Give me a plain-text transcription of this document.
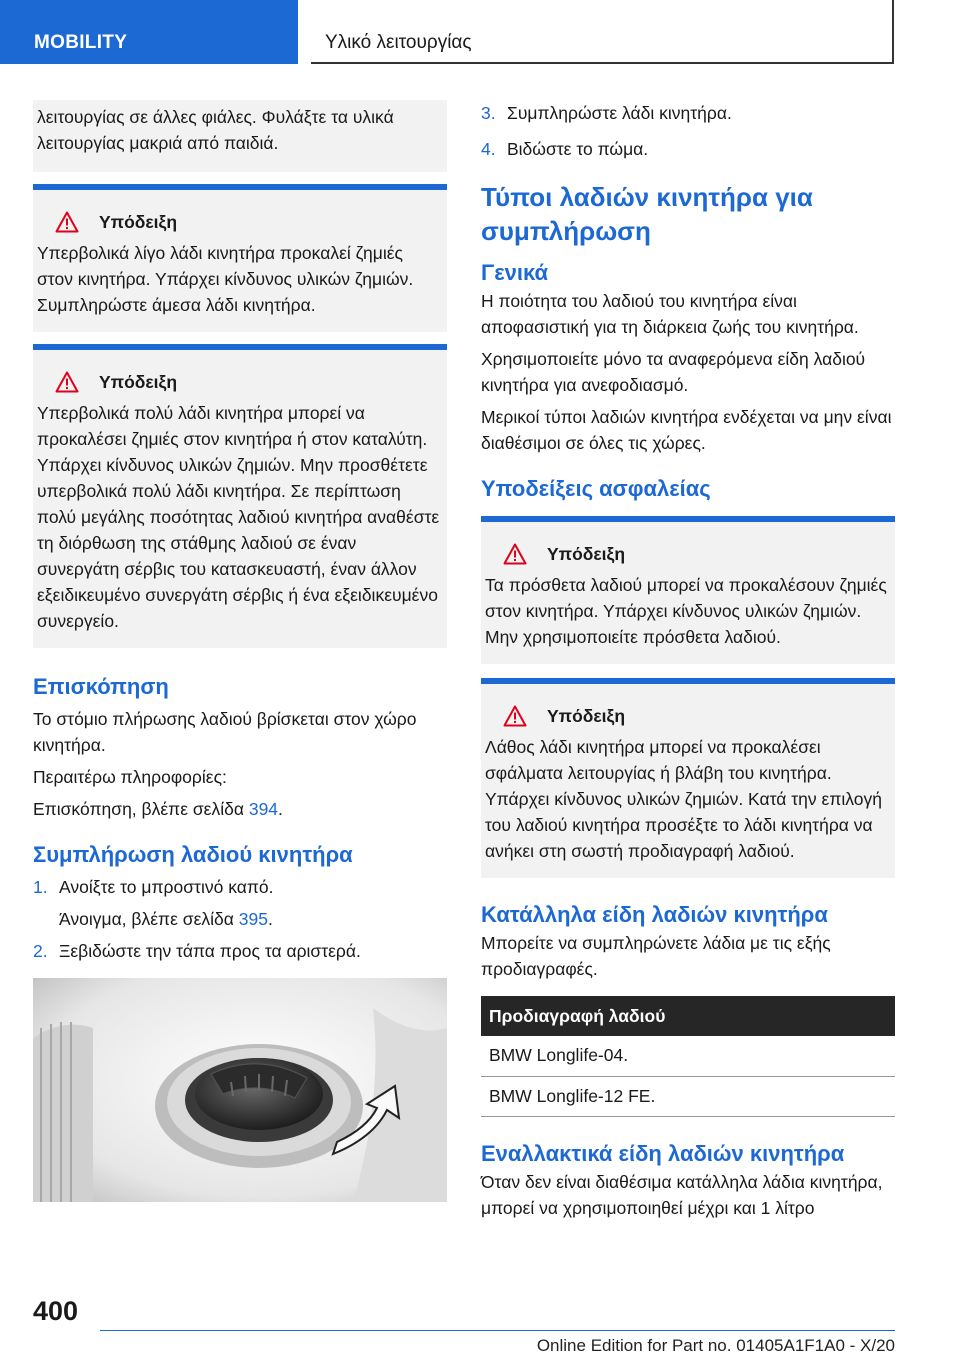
MOBILITY	Υλικό λειτουργίας

λειτουργίας σε άλλες φιάλες. Φυλάξτε τα υλικά λειτουργίας μακριά από παιδιά.

Υπόδειξη

Υπερβολικά λίγο λάδι κινητήρα προκαλεί ζημιές στον κινητήρα. Υπάρχει κίνδυνος υλικών ζημιών. Συμπληρώστε άμεσα λάδι κινητήρα.

Υπόδειξη

Υπερβολικά πολύ λάδι κινητήρα μπορεί να προκαλέσει ζημιές στον κινητήρα ή στον καταλύτη. Υπάρχει κίνδυνος υλικών ζημιών. Μην προσθέτετε υπερβολικά πολύ λάδι κινητήρα. Σε περίπτωση πολύ μεγάλης ποσότητας λαδιού κινητήρα αναθέστε τη διόρθωση της στάθμης λαδιού σε έναν συνεργάτη σέρβις του κατασκευαστή, έναν άλλον εξειδικευμένο συνεργάτη σέρβις ή ένα εξειδικευμένο συνεργείο.

Επισκόπηση

Το στόμιο πλήρωσης λαδιού βρίσκεται στον χώρο κινητήρα.

Περαιτέρω πληροφορίες:

Επισκόπηση, βλέπε σελίδα 394.

Συμπλήρωση λαδιού κινητήρα
1. Ανοίξτε το μπροστινό καπό.
Άνοιγμα, βλέπε σελίδα 395.
2. Ξεβιδώστε την τάπα προς τα αριστερά.
3. Συμπληρώστε λάδι κινητήρα.
4. Βιδώστε το πώμα.
Τύποι λαδιών κινητήρα για συμπλήρωση
Γενικά

Η ποιότητα του λαδιού του κινητήρα είναι αποφασιστική για τη διάρκεια ζωής του κινητήρα.

Χρησιμοποιείτε μόνο τα αναφερόμενα είδη λαδιού κινητήρα για ανεφοδιασμό.

Μερικοί τύποι λαδιών κινητήρα ενδέχεται να μην είναι διαθέσιμοι σε όλες τις χώρες.

Υποδείξεις ασφαλείας
Υπόδειξη

Τα πρόσθετα λαδιού μπορεί να προκαλέσουν ζημιές στον κινητήρα. Υπάρχει κίνδυνος υλικών ζημιών. Μην χρησιμοποιείτε πρόσθετα λαδιού.

Υπόδειξη

Λάθος λάδι κινητήρα μπορεί να προκαλέσει σφάλματα λειτουργίας ή βλάβη του κινητήρα. Υπάρχει κίνδυνος υλικών ζημιών. Κατά την επιλογή του λαδιού κινητήρα προσέξτε το λάδι κινητήρα να ανήκει στη σωστή προδιαγραφή λαδιού.

Κατάλληλα είδη λαδιών κινητήρα

Μπορείτε να συμπληρώνετε λάδια με τις εξής προδιαγραφές.

Προδιαγραφή λαδιού
BMW Longlife-04.
BMW Longlife-12 FE.
Εναλλακτικά είδη λαδιών κινητήρα

Όταν δεν είναι διαθέσιμα κατάλληλα λάδια κινητήρα, μπορεί να χρησιμοποιηθεί μέχρι και 1 λίτρο

400
Online Edition for Part no. 01405A1F1A0 - X/20
